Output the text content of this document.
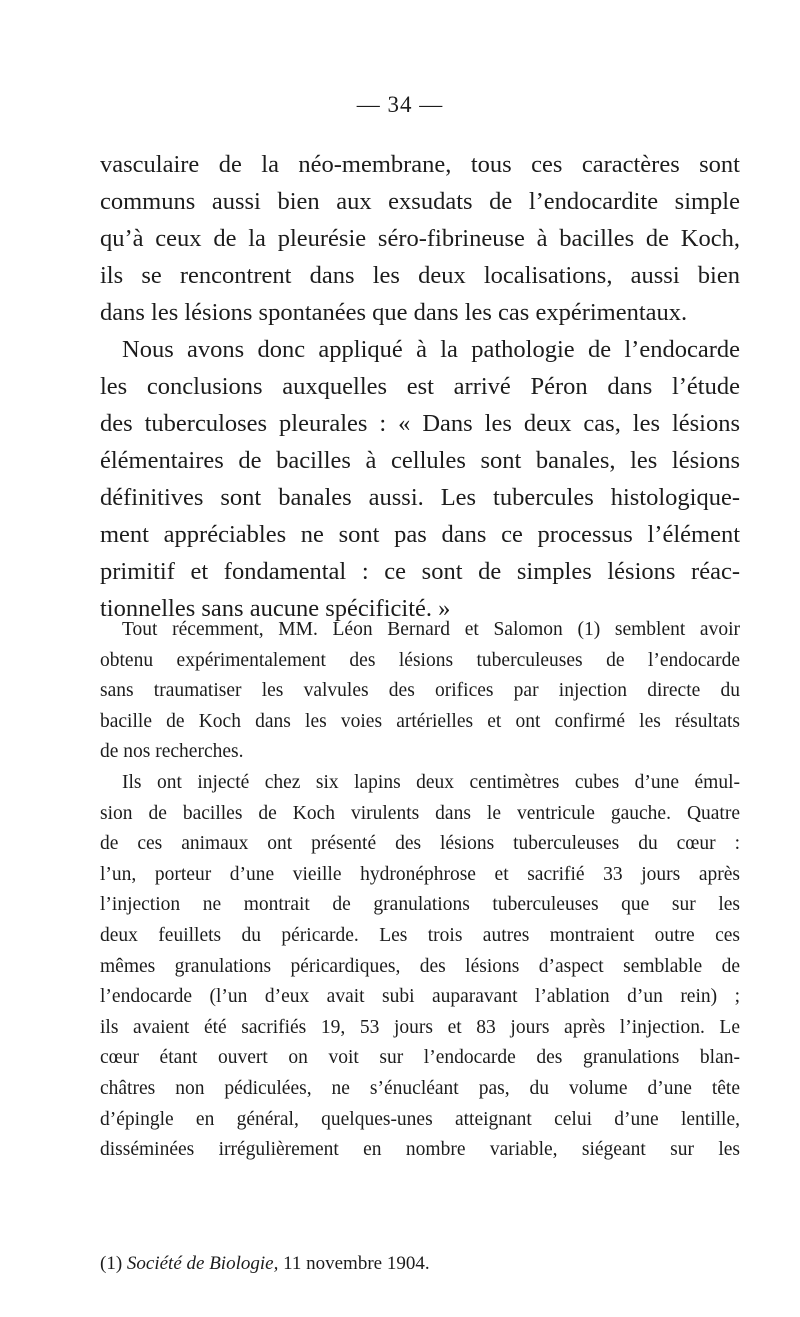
— 34 —
vasculaire de la néo-membrane, tous ces caractères sont
communs aussi bien aux exsudats de l’endocardite simple
qu’à ceux de la pleurésie séro-fibrineuse à bacilles de Koch,
ils se rencontrent dans les deux localisations, aussi bien
dans les lésions spontanées que dans les cas expérimentaux.
Nous avons donc appliqué à la pathologie de l’endocarde
les conclusions auxquelles est arrivé Péron dans l’étude
des tuberculoses pleurales : « Dans les deux cas, les lésions
élémentaires de bacilles à cellules sont banales, les lésions
définitives sont banales aussi. Les tubercules histologique-
ment appréciables ne sont pas dans ce processus l’élément
primitif et fondamental : ce sont de simples lésions réac-
tionnelles sans aucune spécificité. »
Tout récemment, MM. Léon Bernard et Salomon (1) semblent avoir
obtenu expérimentalement des lésions tuberculeuses de l’endocarde
sans traumatiser les valvules des orifices par injection directe du
bacille de Koch dans les voies artérielles et ont confirmé les résultats
de nos recherches.
Ils ont injecté chez six lapins deux centimètres cubes d’une émul-
sion de bacilles de Koch virulents dans le ventricule gauche. Quatre
de ces animaux ont présenté des lésions tuberculeuses du cœur :
l’un, porteur d’une vieille hydronéphrose et sacrifié 33 jours après
l’injection ne montrait de granulations tuberculeuses que sur les
deux feuillets du péricarde. Les trois autres montraient outre ces
mêmes granulations péricardiques, des lésions d’aspect semblable de
l’endocarde (l’un d’eux avait subi auparavant l’ablation d’un rein) ;
ils avaient été sacrifiés 19, 53 jours et 83 jours après l’injection. Le
cœur étant ouvert on voit sur l’endocarde des granulations blan-
châtres non pédiculées, ne s’énucléant pas, du volume d’une tête
d’épingle en général, quelques-unes atteignant celui d’une lentille,
disséminées irrégulièrement en nombre variable, siégeant sur les
(1) Société de Biologie, 11 novembre 1904.
